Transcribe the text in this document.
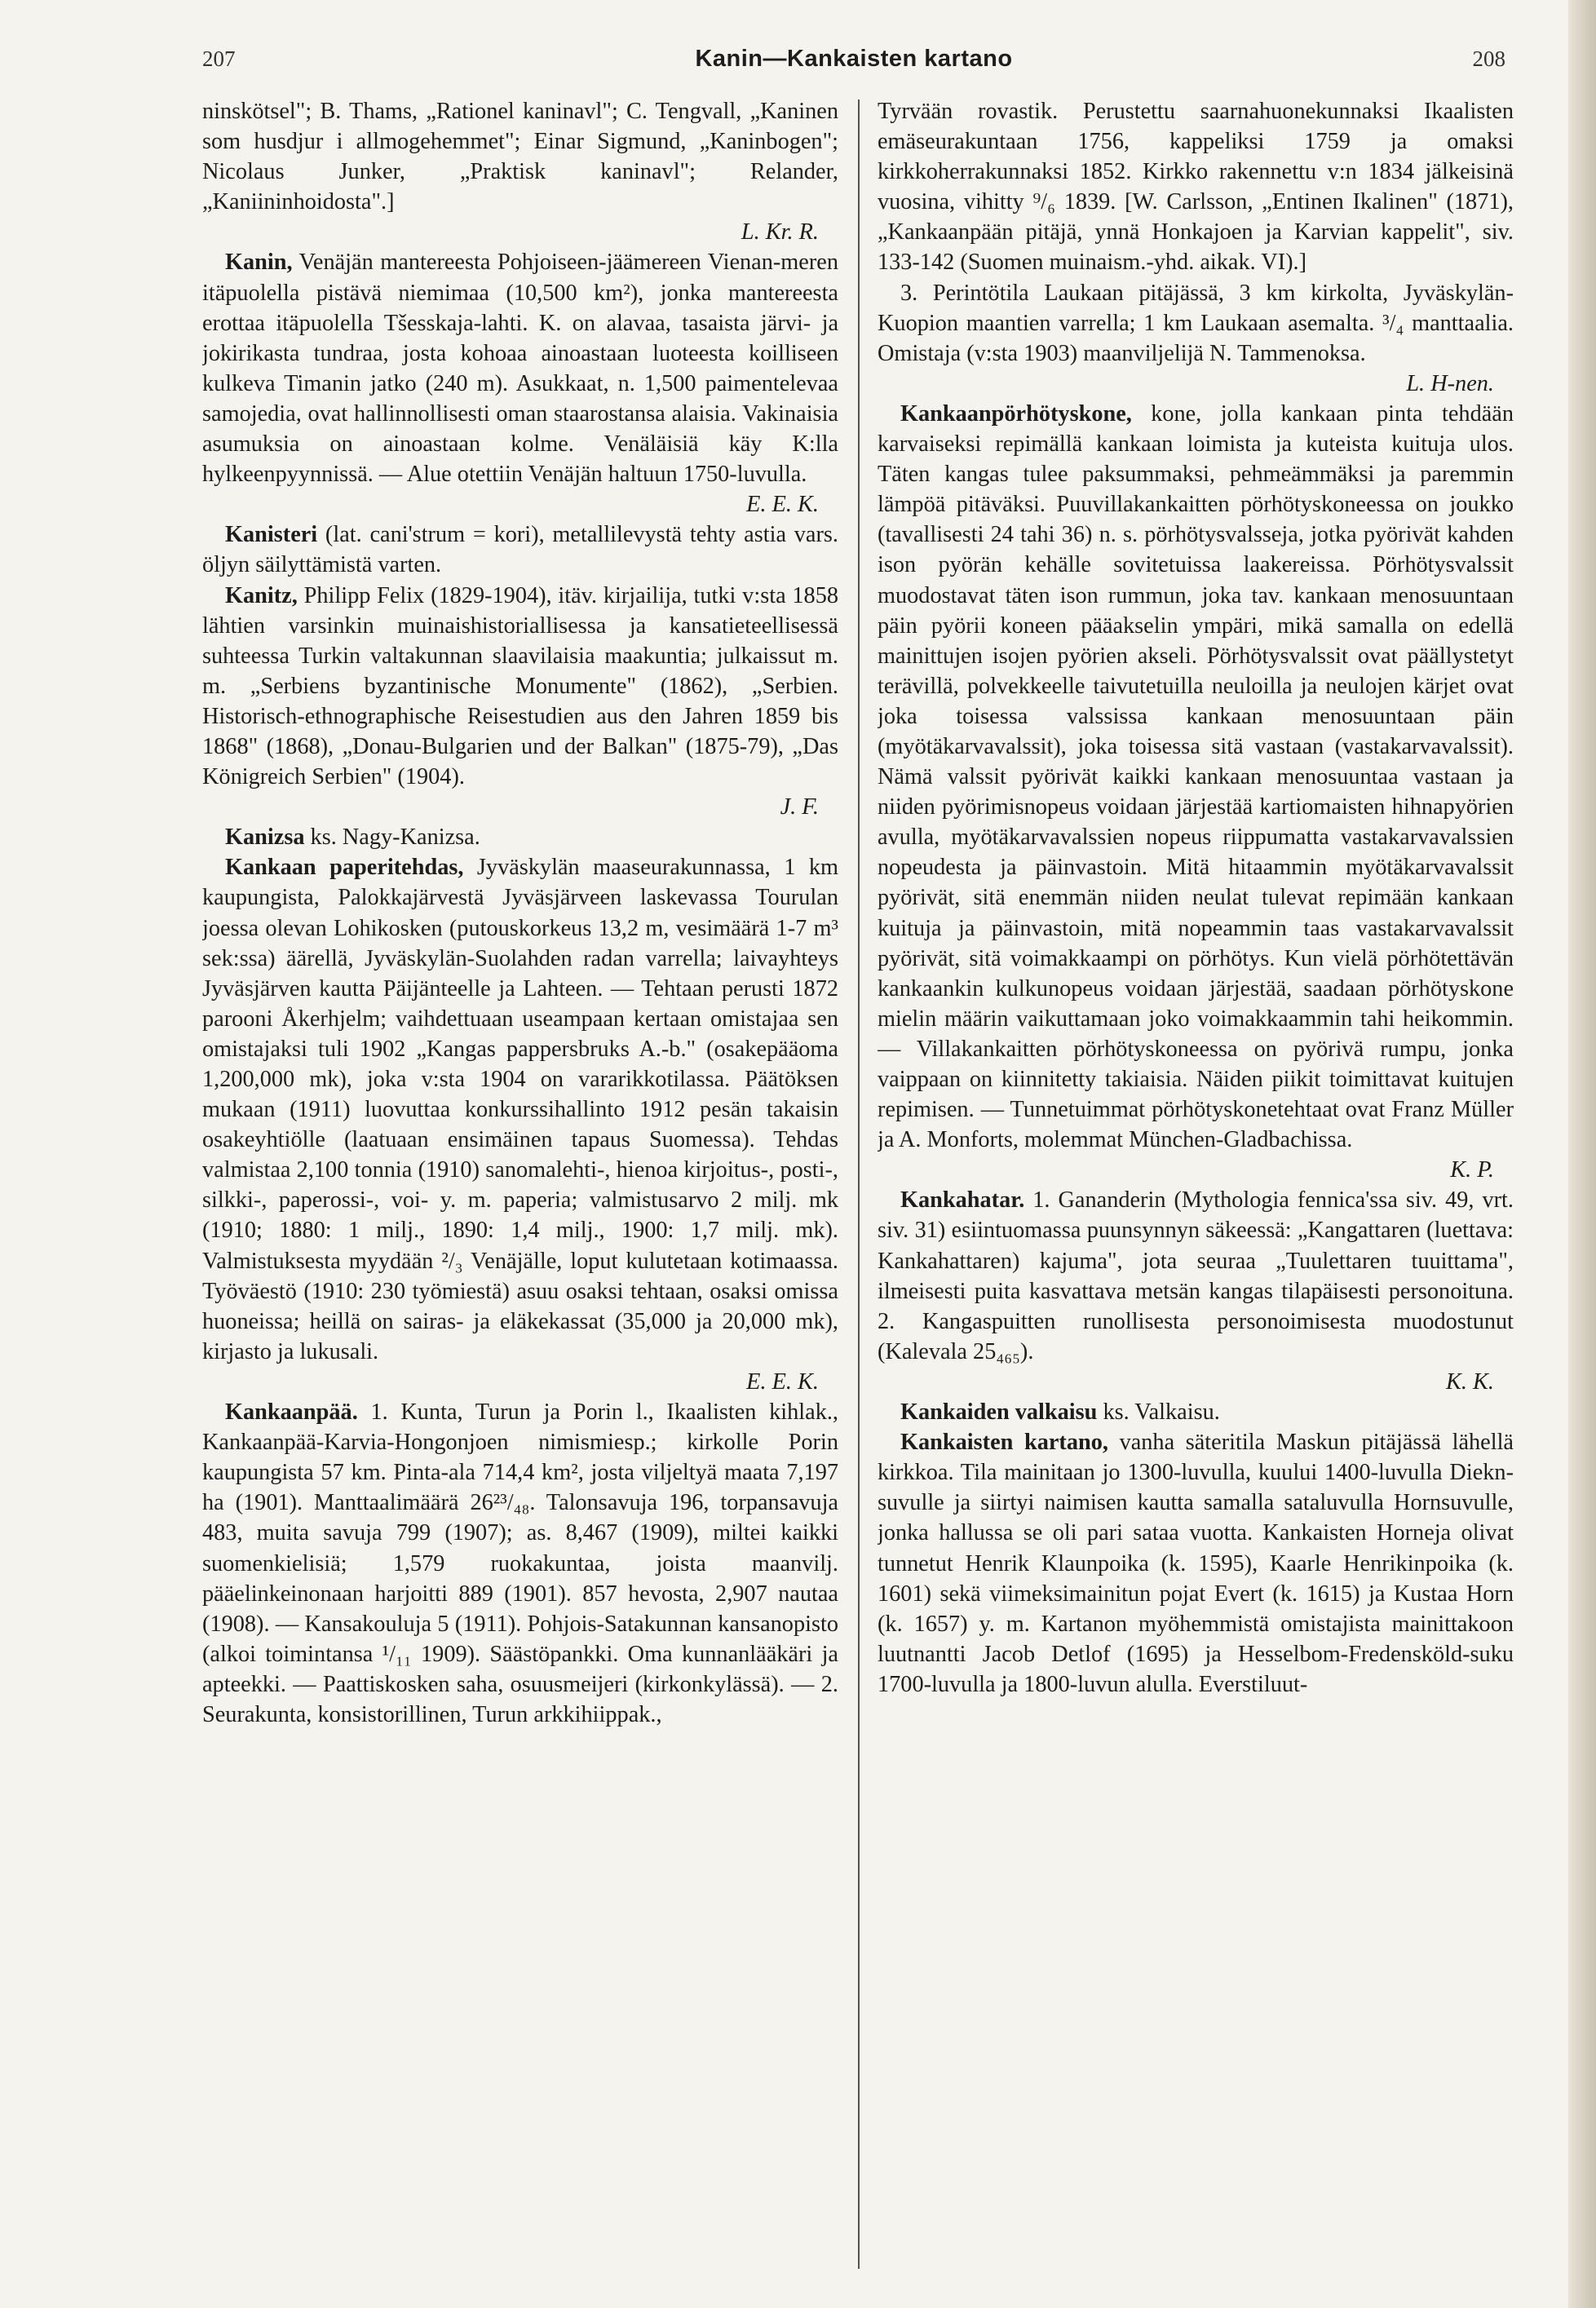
207	Kanin—Kankaisten kartano	208

ninskötsel"; B. Thams, „Rationel kaninavl"; C. Tengvall, „Kaninen som husdjur i allmogehemmet"; Einar Sigmund, „Kaninbogen"; Nicolaus Junker, „Praktisk kaninavl"; Relander, „Kaniininhoidosta".]

L. Kr. R.

Kanin, Venäjän mantereesta Pohjoiseen-jäämereen Vienan-meren itäpuolella pistävä niemimaa (10,500 km²), jonka mantereesta erottaa itäpuolella Tšesskaja-lahti. K. on alavaa, tasaista järvi- ja jokirikasta tundraa, josta kohoaa ainoastaan luoteesta koilliseen kulkeva Timanin jatko (240 m). Asukkaat, n. 1,500 paimentelevaa samojedia, ovat hallinnollisesti oman staarostansa alaisia. Vakinaisia asumuksia on ainoastaan kolme. Venäläisiä käy K:lla hylkeenpyynnissä. — Alue otettiin Venäjän haltuun 1750-luvulla.

E. E. K.

Kanisteri (lat. cani'strum = kori), metallilevystä tehty astia vars. öljyn säilyttämistä varten.

Kanitz, Philipp Felix (1829-1904), itäv. kirjailija, tutki v:sta 1858 lähtien varsinkin muinaishistoriallisessa ja kansatieteellisessä suhteessa Turkin valtakunnan slaavilaisia maakuntia; julkaissut m. m. „Serbiens byzantinische Monumente" (1862), „Serbien. Historisch-ethnographische Reisestudien aus den Jahren 1859 bis 1868" (1868), „Donau-Bulgarien und der Balkan" (1875-79), „Das Königreich Serbien" (1904).

J. F.

Kanizsa ks. Nagy-Kanizsa.

Kankaan paperitehdas, Jyväskylän maaseurakunnassa, 1 km kaupungista, Palokkajärvestä Jyväsjärveen laskevassa Tourulan joessa olevan Lohikosken (putouskorkeus 13,2 m, vesimäärä 1-7 m³ sek:ssa) äärellä, Jyväskylän-Suolahden radan varrella; laivayhteys Jyväsjärven kautta Päijänteelle ja Lahteen. — Tehtaan perusti 1872 parooni Åkerhjelm; vaihdettuaan useampaan kertaan omistajaa sen omistajaksi tuli 1902 „Kangas pappersbruks A.-b." (osakepääoma 1,200,000 mk), joka v:sta 1904 on vararikkotilassa. Päätöksen mukaan (1911) luovuttaa konkurssihallinto 1912 pesän takaisin osakeyhtiölle (laatuaan ensimäinen tapaus Suomessa). Tehdas valmistaa 2,100 tonnia (1910) sanomalehti-, hienoa kirjoitus-, posti-, silkki-, paperossi-, voi- y. m. paperia; valmistusarvo 2 milj. mk (1910; 1880: 1 milj., 1890: 1,4 milj., 1900: 1,7 milj. mk). Valmistuksesta myydään ²/₃ Venäjälle, loput kulutetaan kotimaassa. Työväestö (1910: 230 työmiestä) asuu osaksi tehtaan, osaksi omissa huoneissa; heillä on sairas- ja eläkekassat (35,000 ja 20,000 mk), kirjasto ja lukusali.

E. E. K.

Kankaanpää. 1. Kunta, Turun ja Porin l., Ikaalisten kihlak., Kankaanpää-Karvia-Hongonjoen nimismiesp.; kirkolle Porin kaupungista 57 km. Pinta-ala 714,4 km², josta viljeltyä maata 7,197 ha (1901). Manttaalimäärä 26²³/₄₈. Talonsavuja 196, torpansavuja 483, muita savuja 799 (1907); as. 8,467 (1909), miltei kaikki suomenkielisiä; 1,579 ruokakuntaa, joista maanvilj. pääelinkeinonaan harjoitti 889 (1901). 857 hevosta, 2,907 nautaa (1908). — Kansakouluja 5 (1911). Pohjois-Satakunnan kansanopisto (alkoi toimintansa ¹/₁₁ 1909). Säästöpankki. Oma kunnanlääkäri ja apteekki. — Paattiskosken saha, osuusmeijeri (kirkonkylässä). — 2. Seurakunta, konsistorillinen, Turun arkkihiippak.,

Tyrvään rovastik. Perustettu saarnahuonekunnaksi Ikaalisten emäseurakuntaan 1756, kappeliksi 1759 ja omaksi kirkkoherrakunnaksi 1852. Kirkko rakennettu v:n 1834 jälkeisinä vuosina, vihitty ⁹/₆ 1839. [W. Carlsson, „Entinen Ikalinen" (1871), „Kankaanpään pitäjä, ynnä Honkajoen ja Karvian kappelit", siv. 133-142 (Suomen muinaism.-yhd. aikak. VI).]

3. Perintötila Laukaan pitäjässä, 3 km kirkolta, Jyväskylän-Kuopion maantien varrella; 1 km Laukaan asemalta. ³/₄ manttaalia. Omistaja (v:sta 1903) maanviljelijä N. Tammenoksa.

L. H-nen.

Kankaanpörhötyskone, kone, jolla kankaan pinta tehdään karvaiseksi repimällä kankaan loimista ja kuteista kuituja ulos. Täten kangas tulee paksummaksi, pehmeämmäksi ja paremmin lämpöä pitäväksi. Puuvillakankaitten pörhötyskoneessa on joukko (tavallisesti 24 tahi 36) n. s. pörhötysvalsseja, jotka pyörivät kahden ison pyörän kehälle sovitetuissa laakereissa. Pörhötysvalssit muodostavat täten ison rummun, joka tav. kankaan menosuuntaan päin pyörii koneen pääakselin ympäri, mikä samalla on edellä mainittujen isojen pyörien akseli. Pörhötysvalssit ovat päällystetyt terävillä, polvekkeelle taivutetuilla neuloilla ja neulojen kärjet ovat joka toisessa valssissa kankaan menosuuntaan päin (myötäkarvavalssit), joka toisessa sitä vastaan (vastakarvavalssit). Nämä valssit pyörivät kaikki kankaan menosuuntaa vastaan ja niiden pyörimisnopeus voidaan järjestää kartiomaisten hihnapyörien avulla, myötäkarvavalssien nopeus riippumatta vastakarvavalssien nopeudesta ja päinvastoin. Mitä hitaammin myötäkarvavalssit pyörivät, sitä enemmän niiden neulat tulevat repimään kankaan kuituja ja päinvastoin, mitä nopeammin taas vastakarvavalssit pyörivät, sitä voimakkaampi on pörhötys. Kun vielä pörhötettävän kankaankin kulkunopeus voidaan järjestää, saadaan pörhötyskone mielin määrin vaikuttamaan joko voimakkaammin tahi heikommin. — Villakankaitten pörhötyskoneessa on pyörivä rumpu, jonka vaippaan on kiinnitetty takiaisia. Näiden piikit toimittavat kuitujen repimisen. — Tunnetuimmat pörhötyskonetehtaat ovat Franz Müller ja A. Monforts, molemmat München-Gladbachissa.

K. P.

Kankahatar. 1. Gananderin (Mythologia fennica'ssa siv. 49, vrt. siv. 31) esiintuomassa puunsynnyn säkeessä: „Kangattaren (luettava: Kankahattaren) kajuma", jota seuraa „Tuulettaren tuuittama", ilmeisesti puita kasvattava metsän kangas tilapäisesti personoituna. 2. Kangaspuitten runollisesta personoimisesta muodostunut (Kalevala 25₄₆₅).

K. K.

Kankaiden valkaisu ks. Valkaisu.

Kankaisten kartano, vanha säteritila Maskun pitäjässä lähellä kirkkoa. Tila mainitaan jo 1300-luvulla, kuului 1400-luvulla Diekn-suvulle ja siirtyi naimisen kautta samalla sataluvulla Hornsuvulle, jonka hallussa se oli pari sataa vuotta. Kankaisten Horneja olivat tunnetut Henrik Klaunpoika (k. 1595), Kaarle Henrikinpoika (k. 1601) sekä viimeksimainitun pojat Evert (k. 1615) ja Kustaa Horn (k. 1657) y. m. Kartanon myöhemmistä omistajista mainittakoon luutnantti Jacob Detlof (1695) ja Hesselbom-Fredensköld-suku 1700-luvulla ja 1800-luvun alulla. Everstiluut-
